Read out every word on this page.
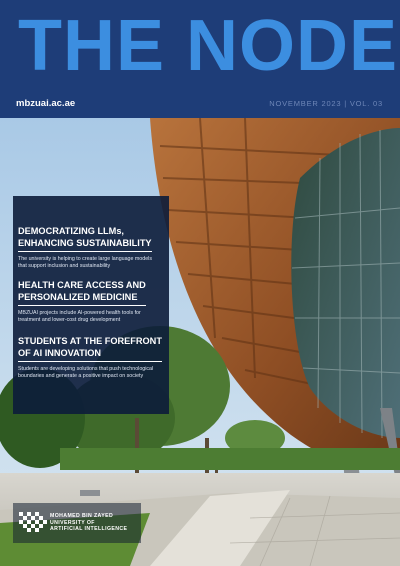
THE NODE
mbzuai.ac.ae	NOVEMBER 2023 | VOL. 03
DEMOCRATIZING LLMs,
ENHANCING SUSTAINABILITY

The university is helping to create large language models
that support inclusion and sustainability

HEALTH CARE ACCESS AND
PERSONALIZED MEDICINE

MBZUAI projects include AI-powered health tools for
treatment and lower-cost drug development

STUDENTS AT THE FOREFRONT
OF AI INNOVATION

Students are developing solutions that push technological
boundaries and generate a positive impact on society

MOHAMED BIN ZAYED
UNIVERSITY OF
ARTIFICIAL INTELLIGENCE
